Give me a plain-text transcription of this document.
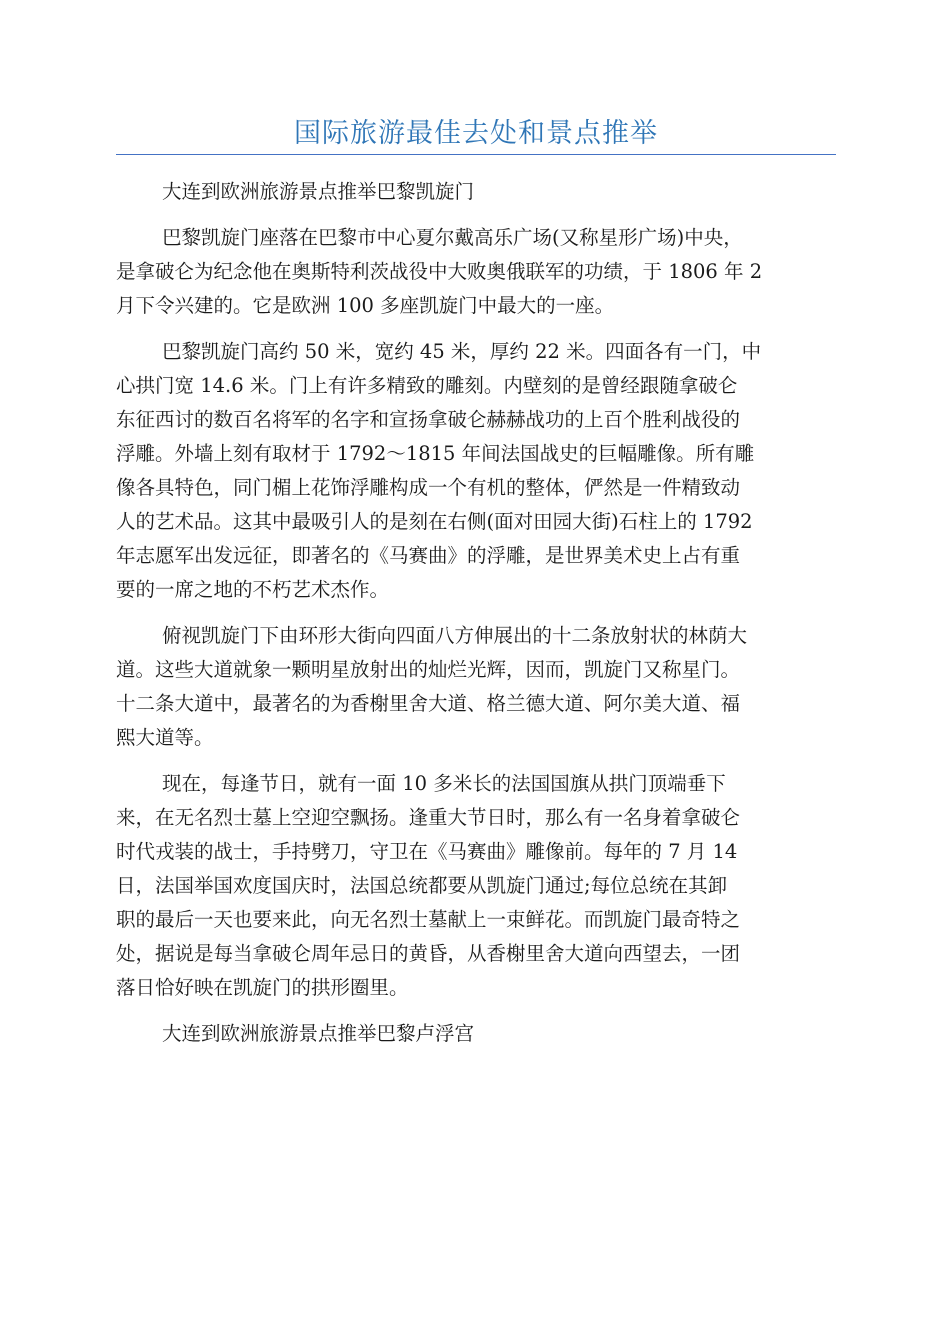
国际旅游最佳去处和景点推举

大连到欧洲旅游景点推举巴黎凯旋门

巴黎凯旋门座落在巴黎市中心夏尔戴高乐广场(又称星形广场)中央，
是拿破仑为纪念他在奥斯特利茨战役中大败奥俄联军的功绩，于 1806 年 2
月下令兴建的。它是欧洲 100 多座凯旋门中最大的一座。

巴黎凯旋门高约 50 米，宽约 45 米，厚约 22 米。四面各有一门，中
心拱门宽 14.6 米。门上有许多精致的雕刻。内壁刻的是曾经跟随拿破仑
东征西讨的数百名将军的名字和宣扬拿破仑赫赫战功的上百个胜利战役的
浮雕。外墙上刻有取材于 1792～1815 年间法国战史的巨幅雕像。所有雕
像各具特色，同门楣上花饰浮雕构成一个有机的整体，俨然是一件精致动
人的艺术品。这其中最吸引人的是刻在右侧(面对田园大街)石柱上的 1792
年志愿军出发远征，即著名的《马赛曲》的浮雕，是世界美术史上占有重
要的一席之地的不朽艺术杰作。

俯视凯旋门下由环形大街向四面八方伸展出的十二条放射状的林荫大
道。这些大道就象一颗明星放射出的灿烂光辉，因而，凯旋门又称星门。
十二条大道中，最著名的为香榭里舍大道、格兰德大道、阿尔美大道、福
熙大道等。

现在，每逢节日，就有一面 10 多米长的法国国旗从拱门顶端垂下
来，在无名烈士墓上空迎空飘扬。逢重大节日时，那么有一名身着拿破仑
时代戎装的战士，手持劈刀，守卫在《马赛曲》雕像前。每年的 7 月 14
日，法国举国欢度国庆时，法国总统都要从凯旋门通过;每位总统在其卸
职的最后一天也要来此，向无名烈士墓献上一束鲜花。而凯旋门最奇特之
处，据说是每当拿破仑周年忌日的黄昏，从香榭里舍大道向西望去，一团
落日恰好映在凯旋门的拱形圈里。

大连到欧洲旅游景点推举巴黎卢浮宫
